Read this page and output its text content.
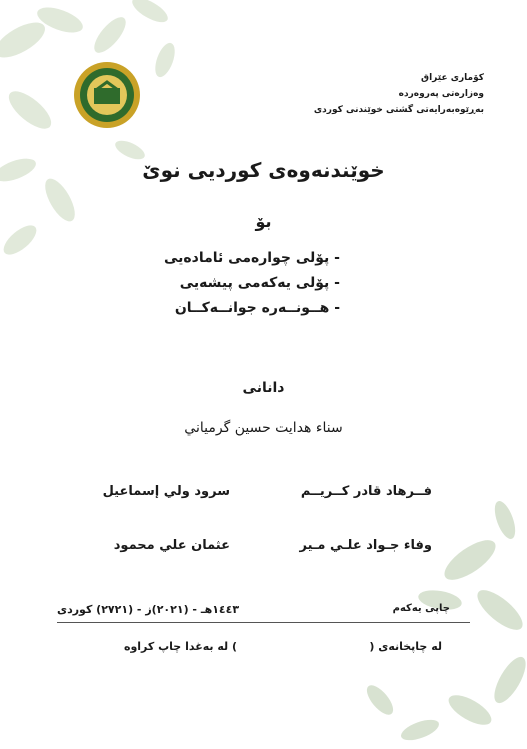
کۆماری عێراق
وەزارەتی پەروەردە
بەڕێوەبەرایەتی گشتی خوێندنی کوردی
خوێندنەوەی کوردیی نوێ
بۆ
- پۆلی چوارەمی ئامادەیی
- پۆلی یەکەمی پیشەیی
- هــونــەرە جوانــەکــان
دانانی
سناء هدايت حسين گرمياني
فــرهاد قادر كــريــم
سرود ولي إسماعيل
وفاء جـواد علـي مـير
عثمان علي محمود
چاپی یەکەم
١٤٤٣هـ - (٢٠٢١)ز - (٢٧٢١) کوردی
لە چاپخانەی (
) لە بەغدا چاپ کراوە
